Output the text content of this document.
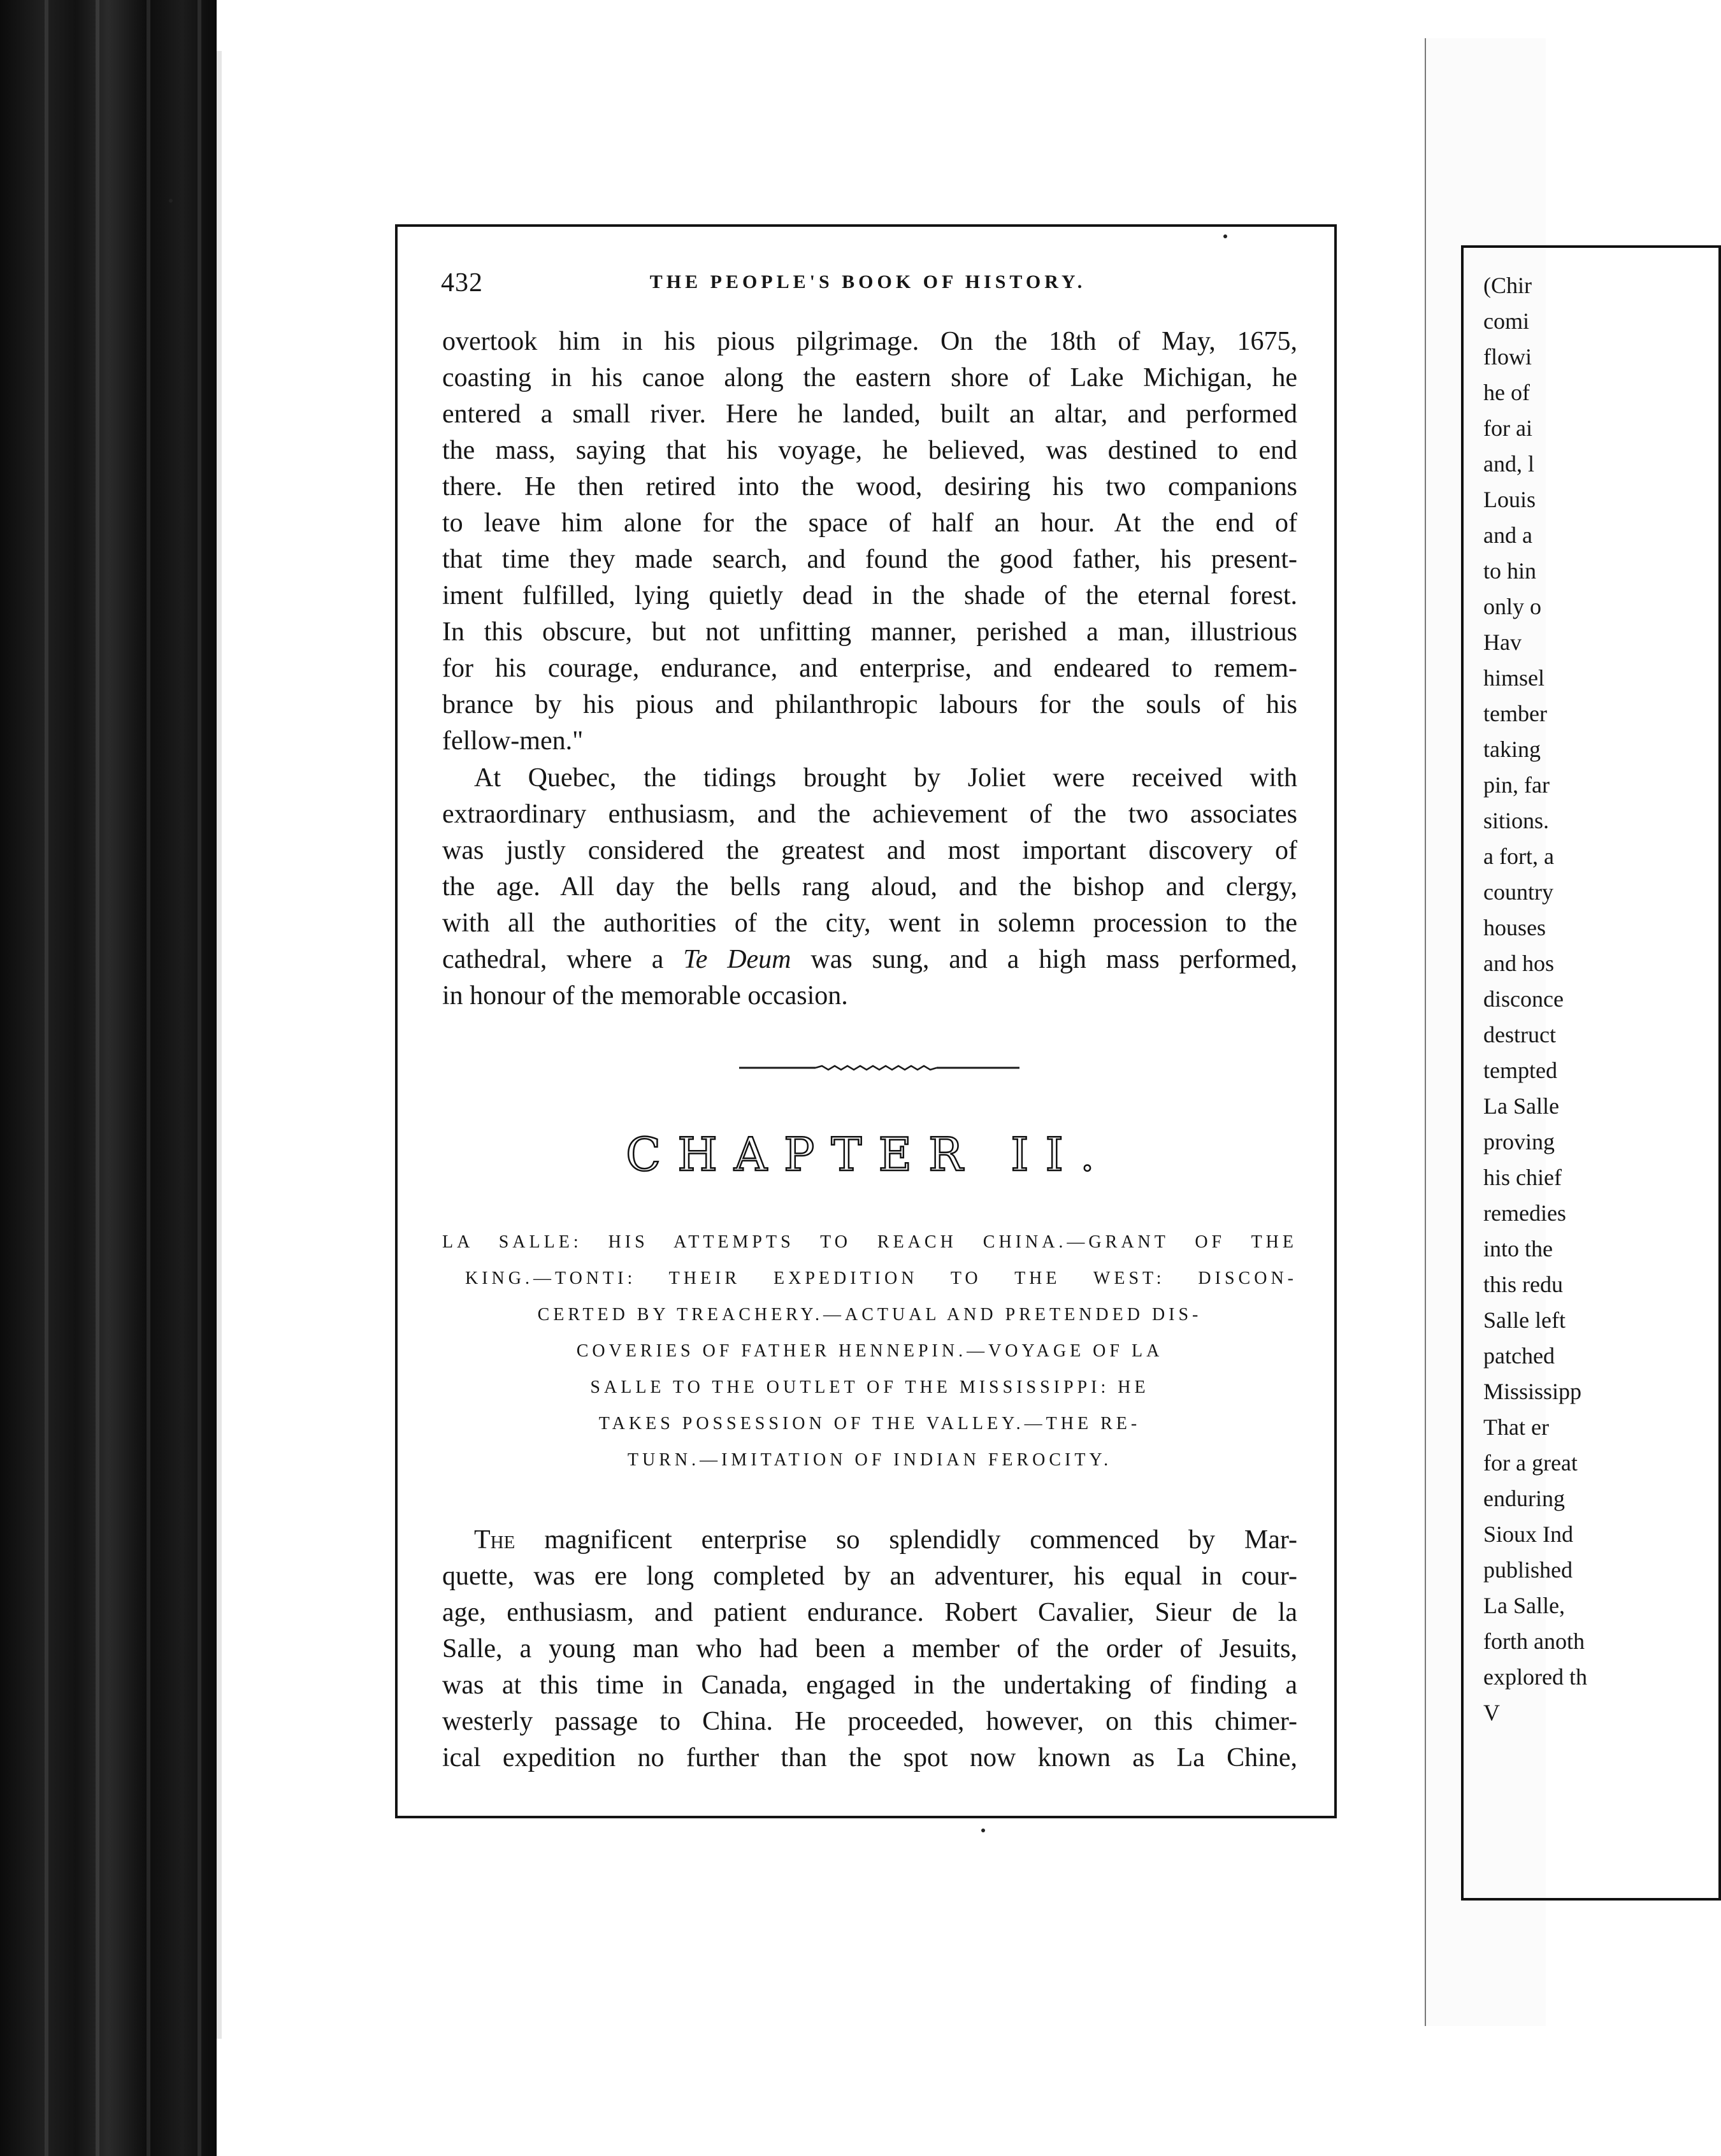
(Chir
comi
flowi
he of
for ai
and, l
Louis
and a
to hin
only o
Hav
himsel
tember
taking
pin, far
sitions.
a fort, a
country
houses
and hos
disconce
destruct
tempted
La Salle
proving
his chief
remedies
into the
this redu
Salle left
patched
Mississipp
That er
for a great
enduring
Sioux Ind
published
La Salle,
forth anoth
explored th
V
432	THE PEOPLE'S BOOK OF HISTORY.
overtook him in his pious pilgrimage. On the 18th of May, 1675,
coasting in his canoe along the eastern shore of Lake Michigan, he
entered a small river. Here he landed, built an altar, and performed
the mass, saying that his voyage, he believed, was destined to end
there. He then retired into the wood, desiring his two companions
to leave him alone for the space of half an hour. At the end of
that time they made search, and found the good father, his present-
iment fulfilled, lying quietly dead in the shade of the eternal forest.
In this obscure, but not unfitting manner, perished a man, illustrious
for his courage, endurance, and enterprise, and endeared to remem-
brance by his pious and philanthropic labours for the souls of his
fellow-men."
At Quebec, the tidings brought by Joliet were received with
extraordinary enthusiasm, and the achievement of the two associates
was justly considered the greatest and most important discovery of
the age. All day the bells rang aloud, and the bishop and clergy,
with all the authorities of the city, went in solemn procession to the
cathedral, where a Te Deum was sung, and a high mass performed,
in honour of the memorable occasion.
CHAPTER II.
LA SALLE: HIS ATTEMPTS TO REACH CHINA.—GRANT OF THE
KING.—TONTI: THEIR EXPEDITION TO THE WEST: DISCON-
CERTED BY TREACHERY.—ACTUAL AND PRETENDED DIS-
COVERIES OF FATHER HENNEPIN.—VOYAGE OF LA
SALLE TO THE OUTLET OF THE MISSISSIPPI: HE
TAKES POSSESSION OF THE VALLEY.—THE RE-
TURN.—IMITATION OF INDIAN FEROCITY.
The magnificent enterprise so splendidly commenced by Mar-
quette, was ere long completed by an adventurer, his equal in cour-
age, enthusiasm, and patient endurance. Robert Cavalier, Sieur de la
Salle, a young man who had been a member of the order of Jesuits,
was at this time in Canada, engaged in the undertaking of finding a
westerly passage to China. He proceeded, however, on this chimer-
ical expedition no further than the spot now known as La Chine,
